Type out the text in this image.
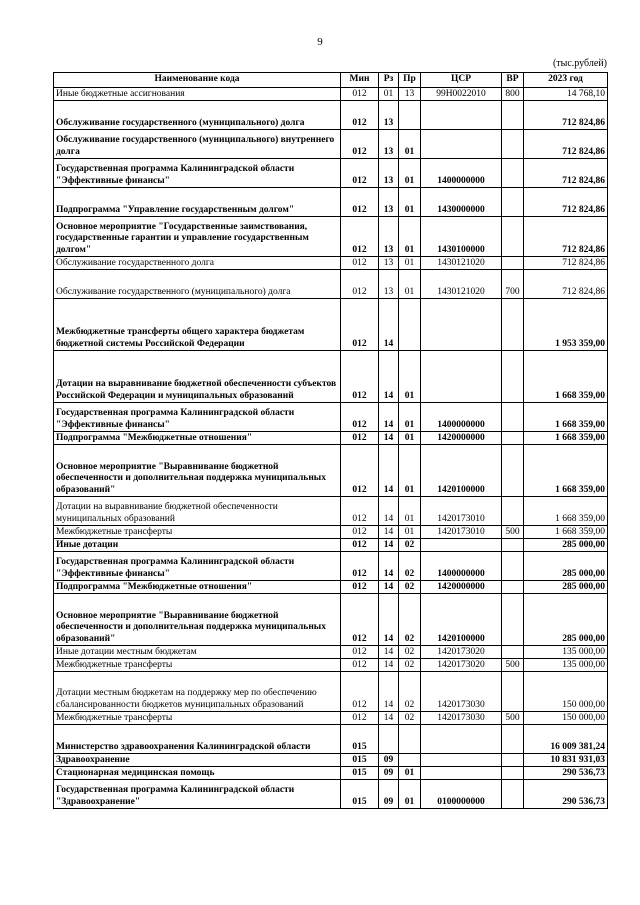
9
(тыс.рублей)
Наименование кода	Мин	Рз	Пр	ЦСР	ВР	2023 год
Иные бюджетные ассигнования	012	01	13	99Н0022010	800	14 768,10
Обслуживание государственного (муниципального) долга	012	13				712 824,86
Обслуживание государственного (муниципального) внутреннего долга	012	13	01			712 824,86
Государственная программа Калининградской области "Эффективные финансы"	012	13	01	1400000000		712 824,86
Подпрограмма "Управление государственным долгом"	012	13	01	1430000000		712 824,86
Основное мероприятие "Государственные заимствования, государственные гарантии и управление государственным долгом"	012	13	01	1430100000		712 824,86
Обслуживание государственного долга	012	13	01	1430121020		712 824,86
Обслуживание государственного (муниципального) долга	012	13	01	1430121020	700	712 824,86
Межбюджетные трансферты общего характера бюджетам бюджетной системы Российской Федерации	012	14				1 953 359,00
Дотации на выравнивание бюджетной обеспеченности субъектов Российской Федерации и муниципальных образований	012	14	01			1 668 359,00
Государственная программа Калининградской области "Эффективные финансы"	012	14	01	1400000000		1 668 359,00
Подпрограмма "Межбюджетные отношения"	012	14	01	1420000000		1 668 359,00
Основное мероприятие "Выравнивание бюджетной обеспеченности и дополнительная поддержка муниципальных образований"	012	14	01	1420100000		1 668 359,00
Дотации на выравнивание бюджетной обеспеченности муниципальных образований	012	14	01	1420173010		1 668 359,00
Межбюджетные трансферты	012	14	01	1420173010	500	1 668 359,00
Иные дотации	012	14	02			285 000,00
Государственная программа Калининградской области "Эффективные финансы"	012	14	02	1400000000		285 000,00
Подпрограмма "Межбюджетные отношения"	012	14	02	1420000000		285 000,00
Основное мероприятие "Выравнивание бюджетной обеспеченности и дополнительная поддержка муниципальных образований"	012	14	02	1420100000		285 000,00
Иные дотации местным бюджетам	012	14	02	1420173020		135 000,00
Межбюджетные трансферты	012	14	02	1420173020	500	135 000,00
Дотации местным бюджетам на поддержку мер по обеспечению сбалансированности бюджетов муниципальных образований	012	14	02	1420173030		150 000,00
Межбюджетные трансферты	012	14	02	1420173030	500	150 000,00
Министерство здравоохранения Калининградской области	015					16 009 381,24
Здравоохранение	015	09				10 831 931,03
Стационарная медицинская помощь	015	09	01			290 536,73
Государственная программа Калининградской области "Здравоохранение"	015	09	01	0100000000		290 536,73
